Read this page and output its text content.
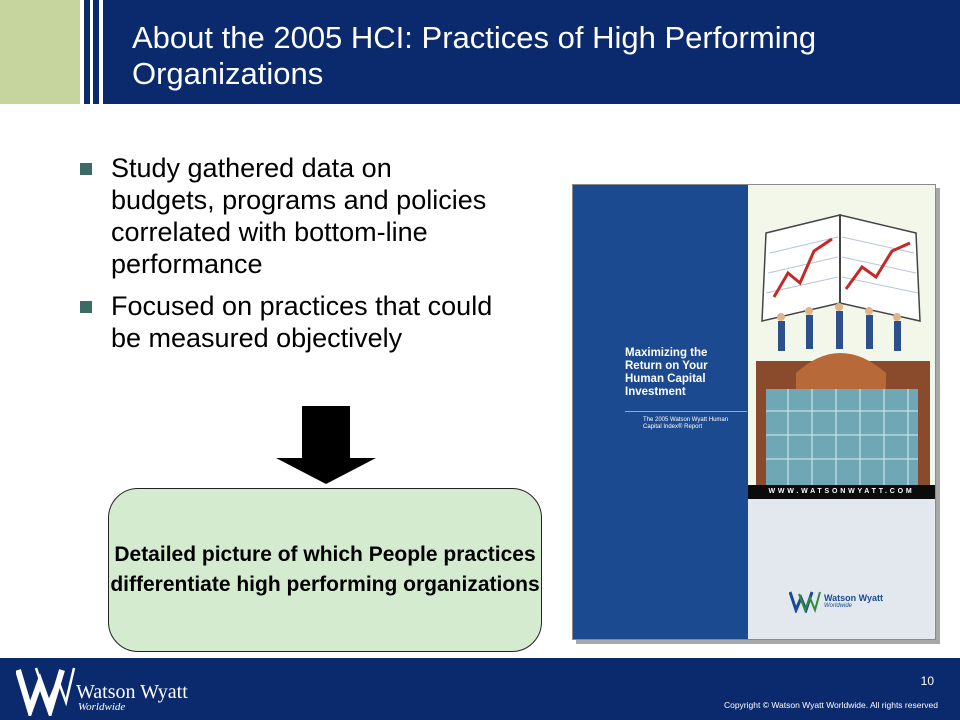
About the 2005 HCI: Practices of High Performing Organizations
Study gathered data on budgets, programs and policies correlated with bottom-line performance
Focused on practices that could be measured objectively
Detailed picture of which People practices differentiate high performing organizations
Maximizing the Return on Your Human Capital Investment
The 2005 Watson Wyatt Human Capital Index® Report
WWW.WATSONWYATT.COM
Watson Wyatt
Worldwide
Watson Wyatt
Worldwide
10
Copyright © Watson Wyatt Worldwide. All rights reserved
